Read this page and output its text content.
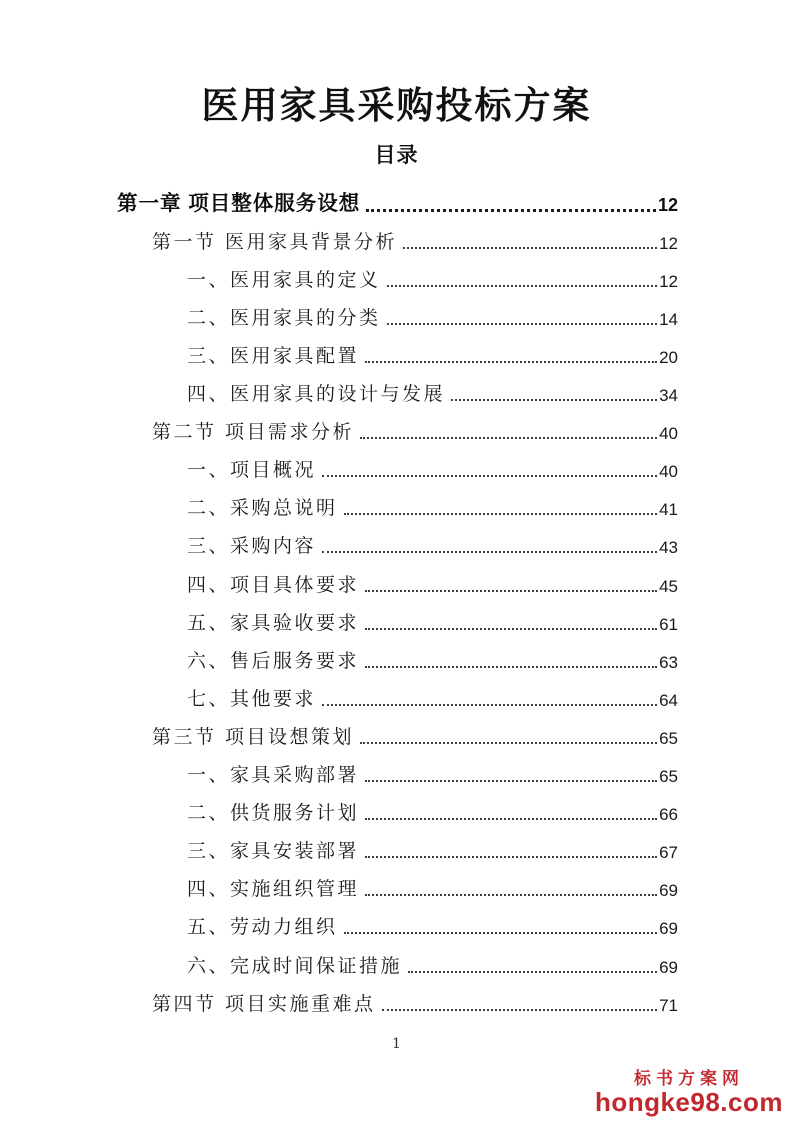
医用家具采购投标方案
目录
第一章 项目整体服务设想	12
第一节 医用家具背景分析	12
一、医用家具的定义	12
二、医用家具的分类	14
三、医用家具配置	20
四、医用家具的设计与发展	34
第二节 项目需求分析	40
一、项目概况	40
二、采购总说明	41
三、采购内容	43
四、项目具体要求	45
五、家具验收要求	61
六、售后服务要求	63
七、其他要求	64
第三节 项目设想策划	65
一、家具采购部署	65
二、供货服务计划	66
三、家具安装部署	67
四、实施组织管理	69
五、劳动力组织	69
六、完成时间保证措施	69
第四节 项目实施重难点	71
1
标书方案网
hongke98.com
